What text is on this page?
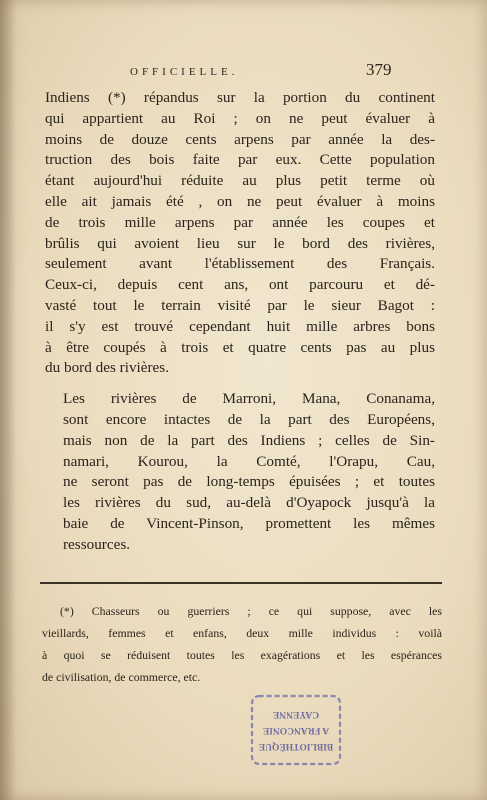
OFFICIELLE.	379
Indiens (*) répandus sur la portion du continent
qui appartient au Roi ; on ne peut évaluer à
moins de douze cents arpens par année la des-
truction des bois faite par eux. Cette population
étant aujourd'hui réduite au plus petit terme où
elle ait jamais été , on ne peut évaluer à moins
de trois mille arpens par année les coupes et
brûlis qui avoient lieu sur le bord des rivières,
seulement avant l'établissement des Français.
Ceux-ci, depuis cent ans, ont parcouru et dé-
vasté tout le terrain visité par le sieur Bagot :
il s'y est trouvé cependant huit mille arbres bons
à être coupés à trois et quatre cents pas au plus
du bord des rivières.
Les rivières de Marroni, Mana, Conanama,
sont encore intactes de la part des Européens,
mais non de la part des Indiens ; celles de Sin-
namari, Kourou, la Comté, l'Orapu, Cau,
ne seront pas de long-temps épuisées ; et toutes
les rivières du sud, au-delà d'Oyapock jusqu'à la
baie de Vincent-Pinson, promettent les mêmes
ressources.
(*) Chasseurs ou guerriers ; ce qui suppose, avec les
vieillards, femmes et enfans, deux mille individus : voilà
à quoi se réduisent toutes les exagérations et les espérances
de civilisation, de commerce, etc.
BIBLIOTHÈQUE
A FRANCONIE
CAYENNE
